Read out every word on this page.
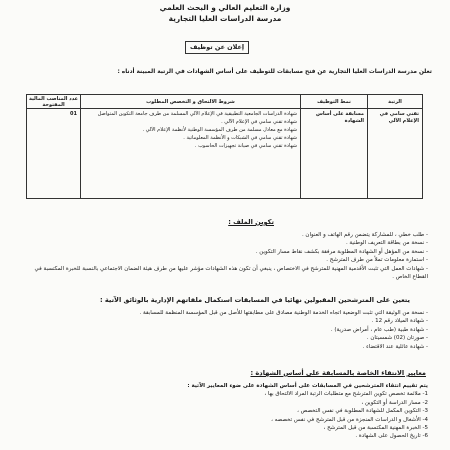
وزارة التعليم العالي و البحث العلمي
مدرسة الدراسات العليا التجارية
إعلان عن توظيف
تعلن مدرسة الدراسات العليا التجارية عن فتح مسابقات للتوظيف على أساس الشهادات في الرتبة المبينة أدناه :
الرتبة	نمط التوظيف	شروط الالتحاق و التخصص المطلوب	عدد المناصب المالية المفتوحة
تقني سامي في الإعلام الآلي	مسابقة على أساس الشهادة	شهادة الدراسات الجامعية التطبيقية في الإعلام الآلي المسلمة من طرف جامعة التكوين المتواصل
شهادة تقني سامي في الإعلام الآلي .
شهادة مع معادل مسلمة من طرف المؤسسة الوطنية لأنظمة الإعلام الآلي .
شهادة تقني سامي في الشبكات و الأنظمة المعلوماتية .
شهادة تقني سامي في صيانة تجهيزات الحاسوب .	01
تكوين الملف :
- طلب خطي ، للمشاركة يتضمن رقم الهاتف و العنوان .
- نسخة من بطاقة التعريف الوطنية .
- نسخة من المؤهل أو الشهادة المطلوبة مرفقة بكشف نقاط مسار التكوين .
- استمارة معلومات تملأ من طرف المترشح .
- شهادات العمل التي تثبت الأقدمية المهنية للمترشح في الاختصاص ، ينبغي أن تكون هذه الشهادات مؤشر عليها من طرف هيئة الضمان الاجتماعي بالنسبة للخبرة المكتسبة في القطاع الخاص .
يتعين على المترشحين المقبولين نهائيا في المسابقات استكمال ملفاتهم الإدارية بالوثائق الآتية :
- نسخة من الوثيقة التي تثبت الوضعية اتجاه الخدمة الوطنية مصادق على مطابقتها للأصل من قبل المؤسسة المنظمة للمسابقة .
- شهادة الميلاد رقم 12 .
- شهادة طبية (طب عام ، أمراض صدرية) .
- صورتان (02) شمسيتان .
- شهادة عائلية عند الاقتضاء .
معايير الانتقاء الخاصة بالمسابقة على أساس الشهادة :
يتم تقييم انتقاء المترشحين في المسابقات على أساس الشهادة على ضوء المعايير الآتية :
1- ملائمة تخصص تكوين المترشح مع متطلبات الرتبة المراد الالتحاق بها ،
2- مسار الدراسة أو التكوين ،
3- التكوين المكمل للشهادة المطلوبة في نفس التخصص ،
4- الأشغال و الدراسات المنجزة من قبل المترشح في نفس تخصصه ،
5- الخبرة المهنية المكتسبة من قبل المترشح ،
6- تاريخ الحصول على الشهادة .
